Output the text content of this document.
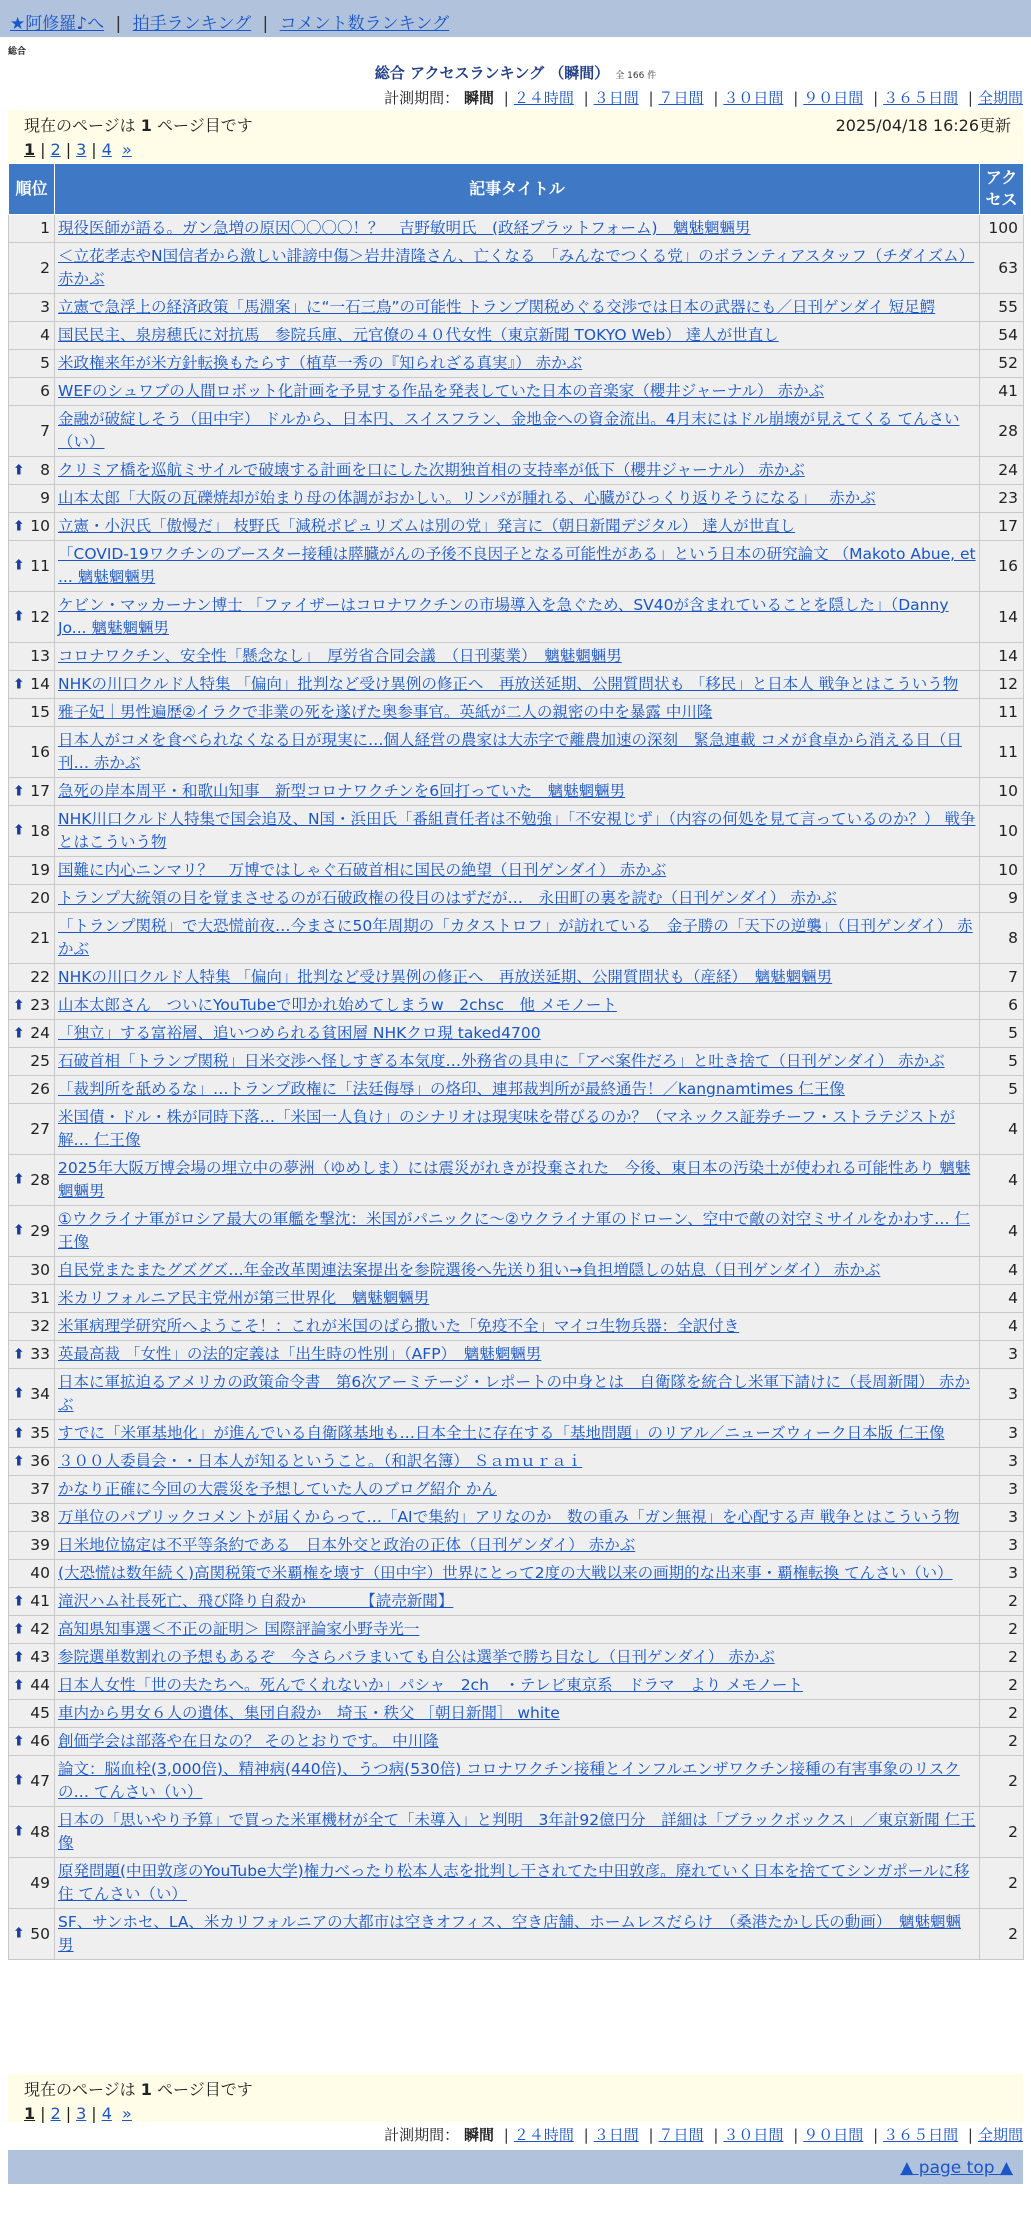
★阿修羅♪へ | 拍手ランキング | コメント数ランキング
総合
総合 アクセスランキング （瞬間） 全 166 件
計測期間： 瞬間 | ２４時間 | ３日間 | ７日間 | ３０日間 | ９０日間 | ３６５日間 | 全期間
現在のページは 1 ページ目です	2025/04/18 16:26更新
1 | 2 | 3 | 4 »
順位	記事タイトル	アクセス
1	現役医師が語る。ガン急増の原因〇〇〇〇！？　吉野敏明氏　(政経プラットフォーム)　魑魅魍魎男	100
2	＜立花孝志やN国信者から激しい誹謗中傷＞岩井清隆さん、亡くなる　「みんなでつくる党」のボランティアスタッフ（チダイズム） 赤かぶ	63
3	立憲で急浮上の経済政策「馬淵案」に“一石三鳥”の可能性 トランプ関税めぐる交渉では日本の武器にも／日刊ゲンダイ 短足鰐	55
4	国民民主、泉房穂氏に対抗馬　参院兵庫、元官僚の４０代女性（東京新聞 TOKYO Web） 達人が世直し	54
5	米政権来年が米方針転換もたらす（植草一秀の『知られざる真実』） 赤かぶ	52
6	WEFのシュワブの人間ロボット化計画を予見する作品を発表していた日本の音楽家（櫻井ジャーナル） 赤かぶ	41
7	金融が破綻しそう（田中宇） ドルから、日本円、スイスフラン、金地金への資金流出。4月末にはドル崩壊が見えてくる てんさい（い）	28

⬆ 8	クリミア橋を巡航ミサイルで破壊する計画を口にした次期独首相の支持率が低下（櫻井ジャーナル） 赤かぶ	24
9	山本太郎「大阪の瓦礫焼却が始まり母の体調がおかしい。リンパが腫れる、心臓がひっくり返りそうになる」　 赤かぶ	23

⬆ 10	立憲・小沢氏「傲慢だ」 枝野氏「減税ポピュリズムは別の党」発言に（朝日新聞デジタル） 達人が世直し	17

⬆ 11	「COVID-19ワクチンのブースター接種は膵臓がんの予後不良因子となる可能性がある」という日本の研究論文 （Makoto Abue, et ... 魑魅魍魎男	16

⬆ 12	ケビン・マッカーナン博士 「ファイザーはコロナワクチンの市場導入を急ぐため、SV40が含まれていることを隠した」（Danny Jo... 魑魅魍魎男	14
13	コロナワクチン、安全性「懸念なし」　厚労省合同会議　（日刊薬業）　魑魅魍魎男	14

⬆ 14	NHKの川口クルド人特集 「偏向」批判など受け異例の修正へ　再放送延期、公開質問状も 「移民」と日本人 戦争とはこういう物	12
15	雅子妃｜男性遍歴②イラクで非業の死を遂げた奥参事官。英紙が二人の親密の中を暴露 中川隆	11
16	日本人がコメを食べられなくなる日が現実に…個人経営の農家は大赤字で離農加速の深刻　緊急連載 コメが食卓から消える日（日刊… 赤かぶ	11

⬆ 17	急死の岸本周平・和歌山知事　新型コロナワクチンを6回打っていた　魑魅魍魎男	10

⬆ 18	NHK川口クルド人特集で国会追及、N国・浜田氏「番組責任者は不勉強」「不安視じず」（内容の何処を見て言っているのか？） 戦争とはこういう物	10
19	国難に内心ニンマリ？　万博ではしゃぐ石破首相に国民の絶望（日刊ゲンダイ） 赤かぶ	10
20	トランプ大統領の目を覚まさせるのが石破政権の役目のはずだが…　永田町の裏を読む（日刊ゲンダイ） 赤かぶ	9
21	「トランプ関税」で大恐慌前夜…今まさに50年周期の「カタストロフ」が訪れている　金子勝の「天下の逆襲」（日刊ゲンダイ） 赤かぶ	8
22	NHKの川口クルド人特集 「偏向」批判など受け異例の修正へ　再放送延期、公開質問状も（産経）　魑魅魍魎男	7

⬆ 23	山本太郎さん　ついにYouTubeで叩かれ始めてしまうw　2chsc　他 メモノート	6

⬆ 24	「独立」する富裕層、追いつめられる貧困層 NHKクロ現 taked4700	5
25	石破首相「トランプ関税」日米交渉へ怪しすぎる本気度…外務省の具申に「アベ案件だろ」と吐き捨て（日刊ゲンダイ） 赤かぶ	5
26	「裁判所を舐めるな」…トランプ政権に「法廷侮辱」の烙印、連邦裁判所が最終通告！／kangnamtimes 仁王像	5
27	米国債・ドル・株が同時下落…「米国一人負け」のシナリオは現実味を帯びるのか？（マネックス証券チーフ・ストラテジストが解… 仁王像	4

⬆ 28	2025年大阪万博会場の埋立中の夢洲（ゆめしま）には震災がれきが投棄された　今後、東日本の汚染土が使われる可能性あり 魑魅魍魎男	4

⬆ 29	①ウクライナ軍がロシア最大の軍艦を撃沈：米国がパニックに～②ウクライナ軍のドローン、空中で敵の対空ミサイルをかわす… 仁王像	4
30	自民党またまたグズグズ…年金改革関連法案提出を参院選後へ先送り狙い→負担増隠しの姑息（日刊ゲンダイ） 赤かぶ	4
31	米カリフォルニア民主党州が第三世界化　魑魅魍魎男	4
32	米軍病理学研究所へようこそ！：これが米国のばら撒いた「免疫不全」マイコ生物兵器：全訳付き	4

⬆ 33	英最高裁 「女性」の法的定義は「出生時の性別」（AFP）　魑魅魍魎男	3

⬆ 34	日本に軍拡迫るアメリカの政策命令書　第6次アーミテージ・レポートの中身とは　自衛隊を統合し米軍下請けに（長周新聞） 赤かぶ	3

⬆ 35	すでに「米軍基地化」が進んでいる自衛隊基地も…日本全土に存在する「基地問題」のリアル／ニューズウィーク日本版 仁王像	3

⬆ 36	３００人委員会・・日本人が知るということ。（和訳名簿） Ｓａｍｕｒａｉ	3
37	かなり正確に今回の大震災を予想していた人のブログ紹介 かん	3
38	万単位のパブリックコメントが届くからって…「AIで集約」アリなのか　数の重み「ガン無視」を心配する声 戦争とはこういう物	3
39	日米地位協定は不平等条約である　日本外交と政治の正体（日刊ゲンダイ） 赤かぶ	3
40	(大恐慌は数年続く)高関税策で米覇権を壊す（田中宇）世界にとって2度の大戦以来の画期的な出来事・覇権転換 てんさい（い）	3

⬆ 41	滝沢ハム社長死亡、飛び降り自殺か　　　　【読売新聞】	2

⬆ 42	高知県知事選＜不正の証明＞ 国際評論家小野寺光一	2

⬆ 43	参院選単数割れの予想もあるぞ　今さらバラまいても自公は選挙で勝ち目なし（日刊ゲンダイ） 赤かぶ	2

⬆ 44	日本人女性「世の夫たちへ。死んでくれないか」パシャ　2ch　・テレビ東京系　ドラマ　より メモノート	2
45	車内から男女６人の遺体、集団自殺か　埼玉・秩父 ［朝日新聞］ white	2

⬆ 46	創価学会は部落や在日なの？ そのとおりです。 中川隆	2

⬆ 47	論文：脳血栓(3,000倍)、精神病(440倍)、うつ病(530倍) コロナワクチン接種とインフルエンザワクチン接種の有害事象のリスクの… てんさい（い）	2

⬆ 48	日本の「思いやり予算」で買った米軍機材が全て「未導入」と判明　3年計92億円分　詳細は「ブラックボックス」／東京新聞 仁王像	2
49	原発問題(中田敦彦のYouTube大学)権力べったり松本人志を批判し干されてた中田敦彦。廃れていく日本を捨ててシンガポールに移住 てんさい（い）	2

⬆ 50	SF、サンホセ、LA、米カリフォルニアの大都市は空きオフィス、空き店舗、ホームレスだらけ　（桑港たかし氏の動画）　魑魅魍魎男	2
現在のページは 1 ページ目です
1 | 2 | 3 | 4 »
計測期間： 瞬間 | ２４時間 | ３日間 | ７日間 | ３０日間 | ９０日間 | ３６５日間 | 全期間
▲ page top ▲
